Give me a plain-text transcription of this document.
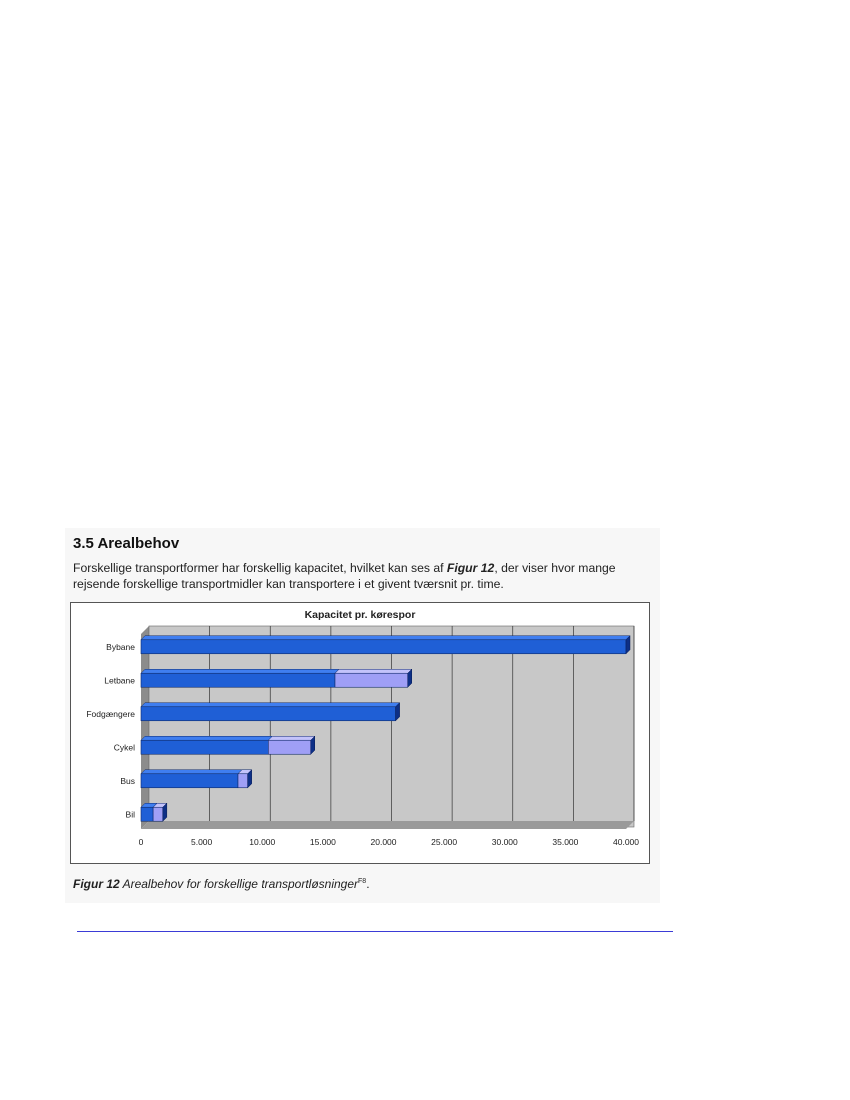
3.5 Arealbehov

Forskellige transportformer har forskellig kapacitet, hvilket kan ses af Figur 12, der viser hvor mange rejsende forskellige transportmidler kan transportere i et givent tværsnit pr. time.

Kapacitet pr. kørespor
0	5.000	10.000	15.000	20.000	25.000	30.000	35.000	40.000
Bybane
Letbane
Fodgængere
Cykel
Bus
Bil

Figur 12 Arealbehov for forskellige transportløsninger$^{F8}$.
